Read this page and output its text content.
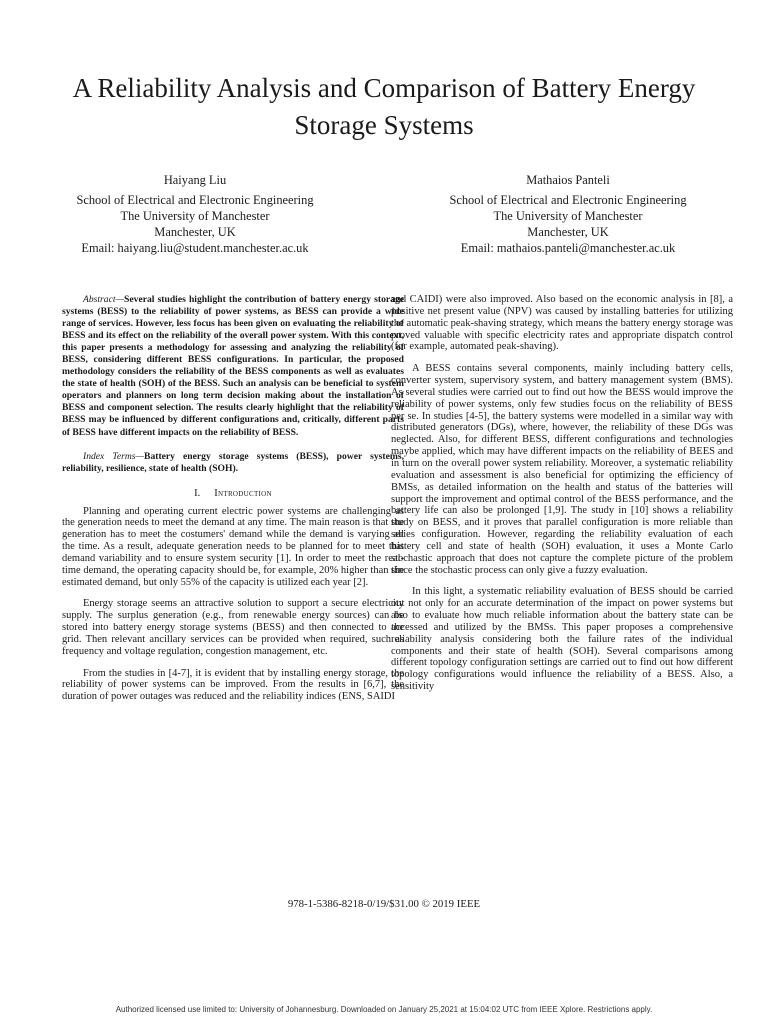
A Reliability Analysis and Comparison of Battery Energy Storage Systems
Haiyang Liu
School of Electrical and Electronic Engineering
The University of Manchester
Manchester, UK
Email: haiyang.liu@student.manchester.ac.uk
Mathaios Panteli
School of Electrical and Electronic Engineering
The University of Manchester
Manchester, UK
Email: mathaios.panteli@manchester.ac.uk

Abstract—Several studies highlight the contribution of battery energy storage systems (BESS) to the reliability of power systems, as BESS can provide a wide range of services. However, less focus has been given on evaluating the reliability of BESS and its effect on the reliability of the overall power system. With this context, this paper presents a methodology for assessing and analyzing the reliability of BESS, considering different BESS configurations. In particular, the proposed methodology considers the reliability of the BESS components as well as evaluates the state of health (SOH) of the BESS. Such an analysis can be beneficial to system operators and planners on long term decision making about the installation of BESS and component selection. The results clearly highlight that the reliability of BESS may be influenced by different configurations and, critically, different parts of BESS have different impacts on the reliability of BESS.

Index Terms—Battery energy storage systems (BESS), power systems, reliability, resilience, state of health (SOH).

I. Introduction

Planning and operating current electric power systems are challenging as the generation needs to meet the demand at any time. The main reason is that the generation has to meet the costumers' demand while the demand is varying all the time. As a result, adequate generation needs to be planned for to meet this demand variability and to ensure system security [1]. In order to meet the real-time demand, the operating capacity should be, for example, 20% higher than the estimated demand, but only 55% of the capacity is utilized each year [2].

Energy storage seems an attractive solution to support a secure electricity supply. The surplus generation (e.g., from renewable energy sources) can be stored into battery energy storage systems (BESS) and then connected to the grid. Then relevant ancillary services can be provided when required, such as frequency and voltage regulation, congestion management, etc.

From the studies in [4-7], it is evident that by installing energy storage, the reliability of power systems can be improved. From the results in [6,7], the duration of power outages was reduced and the reliability indices (ENS, SAIDI

and CAIDI) were also improved. Also based on the economic analysis in [8], a positive net present value (NPV) was caused by installing batteries for utilizing the automatic peak-shaving strategy, which means the battery energy storage was proved valuable with specific electricity rates and appropriate dispatch control (for example, automated peak-shaving).

A BESS contains several components, mainly including battery cells, converter system, supervisory system, and battery management system (BMS). As several studies were carried out to find out how the BESS would improve the reliability of power systems, only few studies focus on the reliability of BESS per se. In studies [4-5], the battery systems were modelled in a similar way with distributed generators (DGs), where, however, the reliability of these DGs was neglected. Also, for different BESS, different configurations and technologies maybe applied, which may have different impacts on the reliability of BEES and in turn on the overall power system reliability. Moreover, a systematic reliability evaluation and assessment is also beneficial for optimizing the efficiency of BMSs, as detailed information on the health and status of the batteries will support the improvement and optimal control of the BESS performance, and the battery life can also be prolonged [1,9]. The study in [10] shows a reliability study on BESS, and it proves that parallel configuration is more reliable than series configuration. However, regarding the reliability evaluation of each battery cell and state of health (SOH) evaluation, it uses a Monte Carlo stochastic approach that does not capture the complete picture of the problem since the stochastic process can only give a fuzzy evaluation.

In this light, a systematic reliability evaluation of BESS should be carried out not only for an accurate determination of the impact on power systems but also to evaluate how much reliable information about the battery state can be accessed and utilized by the BMSs. This paper proposes a comprehensive reliability analysis considering both the failure rates of the individual components and their state of health (SOH). Several comparisons among different topology configuration settings are carried out to find out how different topology configurations would influence the reliability of a BESS. Also, a sensitivity

978-1-5386-8218-0/19/$31.00 © 2019 IEEE
Authorized licensed use limited to: University of Johannesburg. Downloaded on January 25,2021 at 15:04:02 UTC from IEEE Xplore. Restrictions apply.
